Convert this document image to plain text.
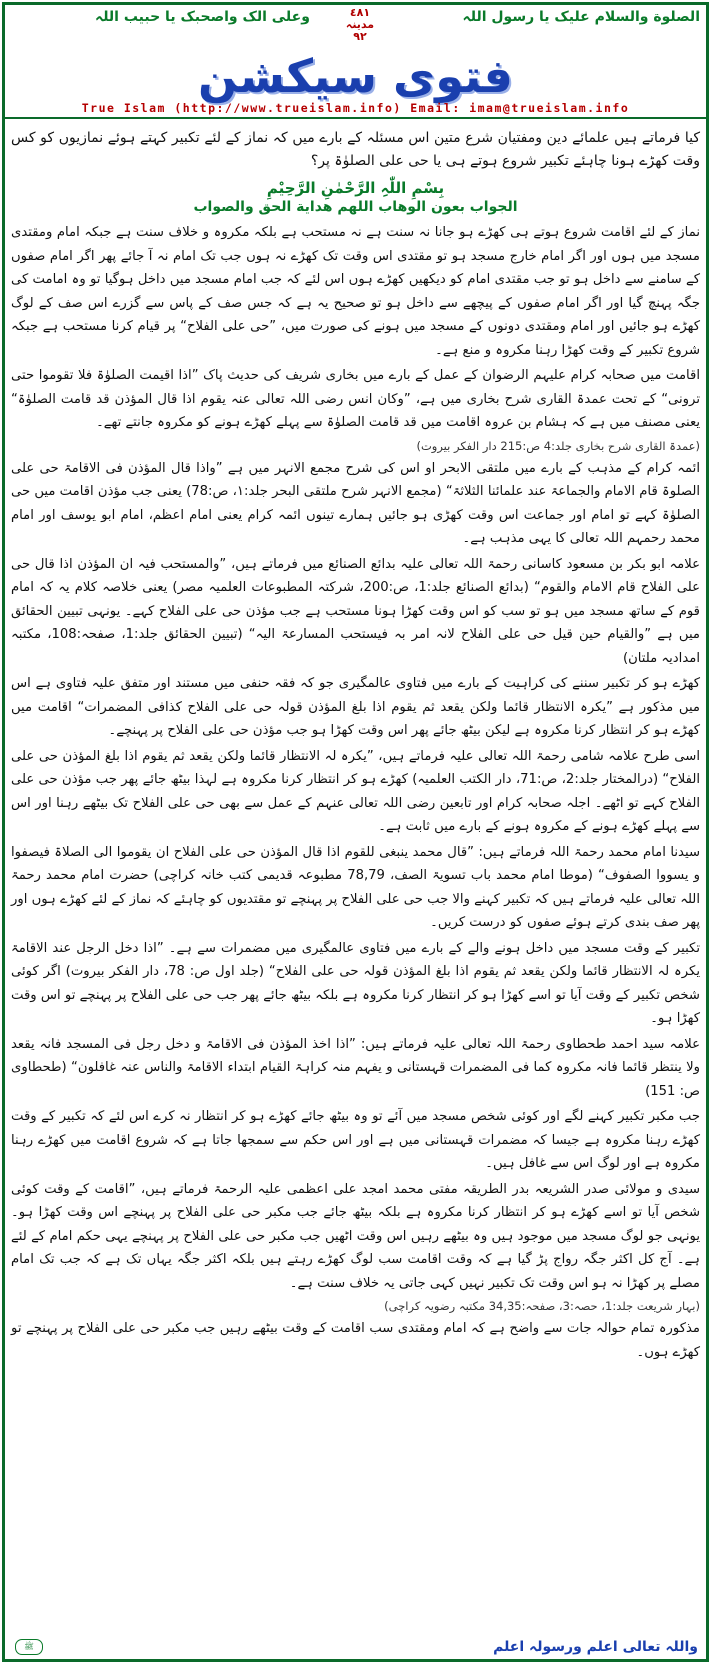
الصلوة والسلام علیک یا رسول اللہ
٤٨١
مدینہ
٩٢
وعلی الک واصحبک یا حبیب اللہ
فتوی سیکشن
True Islam (http://www.trueislam.info) Email: imam@trueislam.info

کیا فرماتے ہیں علمائے دین ومفتیان شرع متین اس مسئلہ کے بارے میں کہ نماز کے لئے تکبیر کہتے ہوئے نمازیوں کو کس وقت کھڑے ہونا چاہئے تکبیر شروع ہوتے ہی یا حی علی الصلوٰۃ پر؟

بِسْمِ اللّٰہِ الرَّحْمٰنِ الرَّحِیْمِ
الجواب بعون الوهاب اللهم هداية الحق والصواب

نماز کے لئے اقامت شروع ہوتے ہی کھڑے ہو جانا نہ سنت ہے نہ مستحب ہے بلکہ مکروہ و خلاف سنت ہے جبکہ امام ومقتدی مسجد میں ہوں اور اگر امام خارج مسجد ہو تو مقتدی اس وقت تک کھڑے نہ ہوں جب تک امام نہ آ جائے پھر اگر امام صفوں کے سامنے سے داخل ہو تو جب مقتدی امام کو دیکھیں کھڑے ہوں اس لئے کہ جب امام مسجد میں داخل ہوگیا تو وہ امامت کی جگہ پہنچ گیا اور اگر امام صفوں کے پیچھے سے داخل ہو تو صحیح یہ ہے کہ جس صف کے پاس سے گزرے اس صف کے لوگ کھڑے ہو جائیں اور امام ومقتدی دونوں کے مسجد میں ہونے کی صورت میں، ”حی علی الفلاح“ پر قیام کرنا مستحب ہے جبکہ شروع تکبیر کے وقت کھڑا رہنا مکروہ و منع ہے۔

اقامت میں صحابہ کرام علیہم الرضوان کے عمل کے بارے میں بخاری شریف کی حدیث پاک ”اذا اقیمت الصلوٰۃ فلا تقوموا حتی ترونی“ کے تحت عمدۃ القاری شرح بخاری میں ہے، ”وکان انس رضی اللہ تعالی عنہ یقوم اذا قال المؤذن قد قامت الصلوٰۃ“ یعنی مصنف میں ہے کہ ہشام بن عروہ اقامت میں قد قامت الصلوٰۃ سے پہلے کھڑے ہونے کو مکروہ جانتے تھے۔

(عمدۃ القاری شرح بخاری جلد:4 ص:215 دار الفکر بیروت)

ائمہ کرام کے مذہب کے بارے میں ملتقی الابحر او اس کی شرح مجمع الانہر میں ہے ”واذا قال المؤذن فی الاقامۃ حی علی الصلوۃ قام الامام والجماعۃ عند علمائنا الثلاثۃ“ (مجمع الانہر شرح ملتقی البحر جلد:۱، ص:78) یعنی جب مؤذن اقامت میں حی الصلوٰۃ کہے تو امام اور جماعت اس وقت کھڑی ہو جائیں ہمارے تینوں ائمہ کرام یعنی امام اعظم، امام ابو یوسف اور امام محمد رحمہم اللہ تعالی کا یہی مذہب ہے۔

علامہ ابو بکر بن مسعود کاسانی رحمۃ اللہ تعالی علیہ بدائع الصنائع میں فرماتے ہیں، ”والمستحب فیہ ان المؤذن اذا قال حی علی الفلاح قام الامام والقوم“ (بدائع الصنائع جلد:1، ص:200، شرکتہ المطبوعات العلمیہ مصر) یعنی خلاصہ کلام یہ کہ امام قوم کے ساتھ مسجد میں ہو تو سب کو اس وقت کھڑا ہونا مستحب ہے جب مؤذن حی علی الفلاح کہے۔ یونہی تبیین الحقائق میں ہے ”والقیام حین قیل حی علی الفلاح لانہ امر بہ فیستحب المسارعۃ الیہ“ (تبیین الحقائق جلد:1، صفحہ:108، مکتبہ امدادیہ ملتان)

کھڑے ہو کر تکبیر سننے کی کراہیت کے بارے میں فتاوی عالمگیری جو کہ فقہ حنفی میں مستند اور متفق علیہ فتاوی ہے اس میں مذکور ہے ”یکرہ الانتظار قائما ولکن یقعد ثم یقوم اذا بلغ المؤذن قولہ حی علی الفلاح کذافی المضمرات“ اقامت میں کھڑے ہو کر انتظار کرنا مکروہ ہے لیکن بیٹھ جائے پھر اس وقت کھڑا ہو جب مؤذن حی علی الفلاح پر پہنچے۔

اسی طرح علامہ شامی رحمۃ اللہ تعالی علیہ فرماتے ہیں، ”یکرہ لہ الانتظار قائما ولکن یقعد ثم یقوم اذا بلغ المؤذن حی علی الفلاح“ (درالمختار جلد:2، ص:71، دار الکتب العلمیہ) کھڑے ہو کر انتظار کرنا مکروہ ہے لہذا بیٹھ جائے پھر جب مؤذن حی علی الفلاح کہے تو اٹھے۔ اجلہ صحابہ کرام اور تابعین رضی اللہ تعالی عنہم کے عمل سے بھی حی علی الفلاح تک بیٹھے رہنا اور اس سے پہلے کھڑے ہونے کے مکروہ ہونے کے بارے میں ثابت ہے۔

سیدنا امام محمد رحمۃ اللہ فرماتے ہیں: ”قال محمد ینبغی للقوم اذا قال المؤذن حی علی الفلاح ان یقوموا الی الصلاۃ فیصفوا و یسووا الصفوف“ (موطا امام محمد باب تسویۃ الصف، 78,79 مطبوعہ قدیمی کتب خانہ کراچی) حضرت امام محمد رحمۃ اللہ تعالی علیہ فرماتے ہیں کہ تکبیر کہنے والا جب حی علی الفلاح پر پہنچے تو مقتدیوں کو چاہئے کہ نماز کے لئے کھڑے ہوں اور پھر صف بندی کرتے ہوئے صفوں کو درست کریں۔

تکبیر کے وقت مسجد میں داخل ہونے والے کے بارے میں فتاوی عالمگیری میں مضمرات سے ہے۔ ”اذا دخل الرجل عند الاقامۃ یکرہ لہ الانتظار قائما ولکن یقعد ثم یقوم اذا بلغ المؤذن قولہ حی علی الفلاح“ (جلد اول ص: 78، دار الفکر بیروت) اگر کوئی شخص تکبیر کے وقت آیا تو اسے کھڑا ہو کر انتظار کرنا مکروہ ہے بلکہ بیٹھ جائے پھر جب حی علی الفلاح پر پہنچے تو اس وقت کھڑا ہو۔

علامہ سید احمد طحطاوی رحمۃ اللہ تعالی علیہ فرماتے ہیں: ”اذا اخذ المؤذن فی الاقامۃ و دخل رجل فی المسجد فانہ یقعد ولا ینتظر قائما فانہ مکروہ کما فی المضمرات قہستانی و یفہم منہ کراہۃ القیام ابتداء الاقامۃ والناس عنہ غافلون“ (طحطاوی ص: 151)

جب مکبر تکبیر کہنے لگے اور کوئی شخص مسجد میں آئے تو وہ بیٹھ جائے کھڑے ہو کر انتظار نہ کرے اس لئے کہ تکبیر کے وقت کھڑے رہنا مکروہ ہے جیسا کہ مضمرات قہستانی میں ہے اور اس حکم سے سمجھا جاتا ہے کہ شروع اقامت میں کھڑے رہنا مکروہ ہے اور لوگ اس سے غافل ہیں۔

سیدی و مولائی صدر الشریعہ بدر الطریقہ مفتی محمد امجد علی اعظمی علیہ الرحمۃ فرماتے ہیں، ”اقامت کے وقت کوئی شخص آیا تو اسے کھڑے ہو کر انتظار کرنا مکروہ ہے بلکہ بیٹھ جائے جب مکبر حی علی الفلاح پر پہنچے اس وقت کھڑا ہو۔ یونہی جو لوگ مسجد میں موجود ہیں وہ بیٹھے رہیں اس وقت اٹھیں جب مکبر حی علی الفلاح پر پہنچے یہی حکم امام کے لئے ہے۔ آج کل اکثر جگہ رواج پڑ گیا ہے کہ وقت اقامت سب لوگ کھڑے رہتے ہیں بلکہ اکثر جگہ یہاں تک ہے کہ جب تک امام مصلے پر کھڑا نہ ہو اس وقت تک تکبیر نہیں کہی جاتی یہ خلاف سنت ہے۔

(بہار شریعت جلد:1، حصہ:3، صفحہ:34,35 مکتبہ رضویہ کراچی)

مذکورہ تمام حوالہ جات سے واضح ہے کہ امام ومقتدی سب اقامت کے وقت بیٹھے رہیں جب مکبر حی علی الفلاح پر پہنچے تو کھڑے ہوں۔

واللہ تعالی اعلم ورسولہ اعلم
ﷺ
